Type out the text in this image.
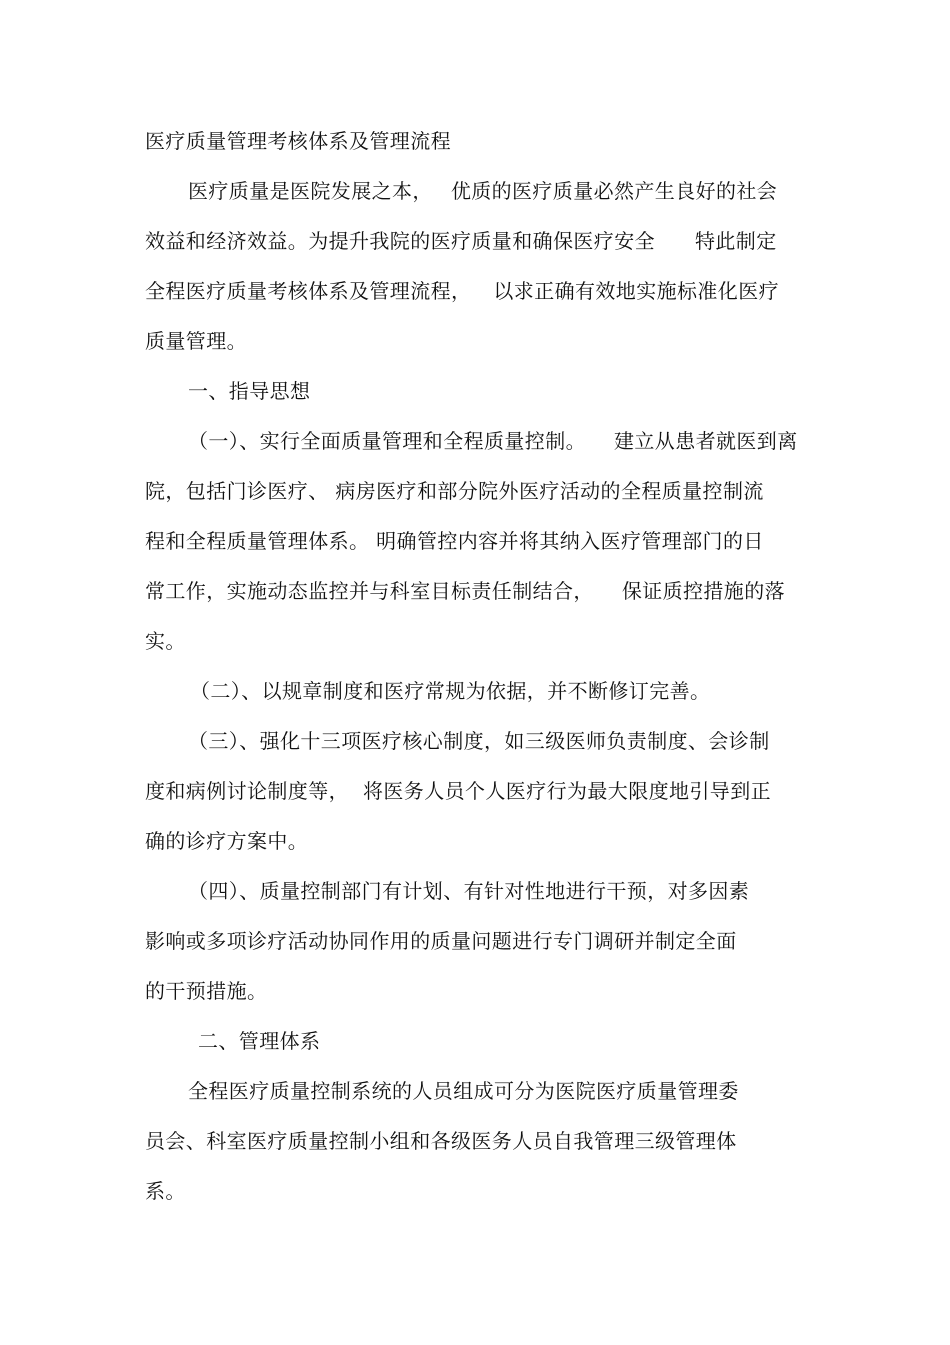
医疗质量管理考核体系及管理流程
医疗质量是医院发展之本， 优质的医疗质量必然产生良好的社会
效益和经济效益。为提升我院的医疗质量和确保医疗安全 特此制定
全程医疗质量考核体系及管理流程， 以求正确有效地实施标准化医疗
质量管理。
一、指导思想
（一）、实行全面质量管理和全程质量控制。 建立从患者就医到离
院，包括门诊医疗、 病房医疗和部分院外医疗活动的全程质量控制流
程和全程质量管理体系。 明确管控内容并将其纳入医疗管理部门的日
常工作，实施动态监控并与科室目标责任制结合， 保证质控措施的落
实。
（二）、以规章制度和医疗常规为依据，并不断修订完善。
（三）、强化十三项医疗核心制度，如三级医师负责制度、会诊制
度和病例讨论制度等， 将医务人员个人医疗行为最大限度地引导到正
确的诊疗方案中。
（四）、质量控制部门有计划、有针对性地进行干预，对多因素
影响或多项诊疗活动协同作用的质量问题进行专门调研并制定全面
的干预措施。
二、管理体系
全程医疗质量控制系统的人员组成可分为医院医疗质量管理委
员会、科室医疗质量控制小组和各级医务人员自我管理三级管理体
系。
